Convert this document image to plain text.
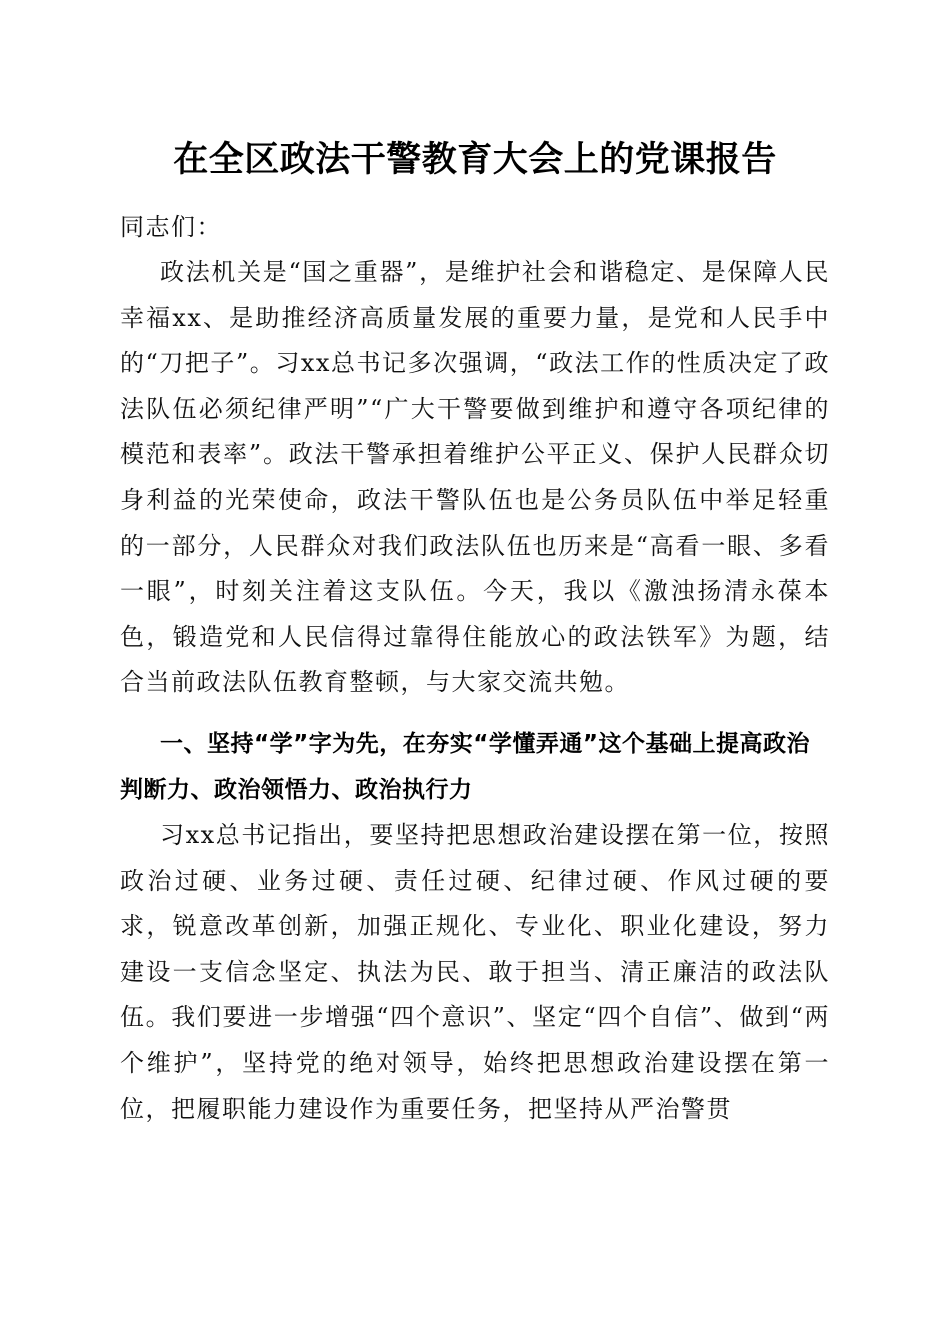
在全区政法干警教育大会上的党课报告
同志们：
政法机关是“国之重器”，是维护社会和谐稳定、是保障人民幸福xx、是助推经济高质量发展的重要力量，是党和人民手中的“刀把子”。习xx总书记多次强调，“政法工作的性质决定了政法队伍必须纪律严明”“广大干警要做到维护和遵守各项纪律的模范和表率”。政法干警承担着维护公平正义、保护人民群众切身利益的光荣使命，政法干警队伍也是公务员队伍中举足轻重的一部分，人民群众对我们政法队伍也历来是“高看一眼、多看一眼”，时刻关注着这支队伍。今天，我以《激浊扬清永葆本色，锻造党和人民信得过靠得住能放心的政法铁军》为题，结合当前政法队伍教育整顿，与大家交流共勉。
一、坚持“学”字为先，在夯实“学懂弄通”这个基础上提高政治判断力、政治领悟力、政治执行力
习xx总书记指出，要坚持把思想政治建设摆在第一位，按照政治过硬、业务过硬、责任过硬、纪律过硬、作风过硬的要求，锐意改革创新，加强正规化、专业化、职业化建设，努力建设一支信念坚定、执法为民、敢于担当、清正廉洁的政法队伍。我们要进一步增强“四个意识”、坚定“四个自信”、做到“两个维护”，坚持党的绝对领导，始终把思想政治建设摆在第一位，把履职能力建设作为重要任务，把坚持从严治警贯
